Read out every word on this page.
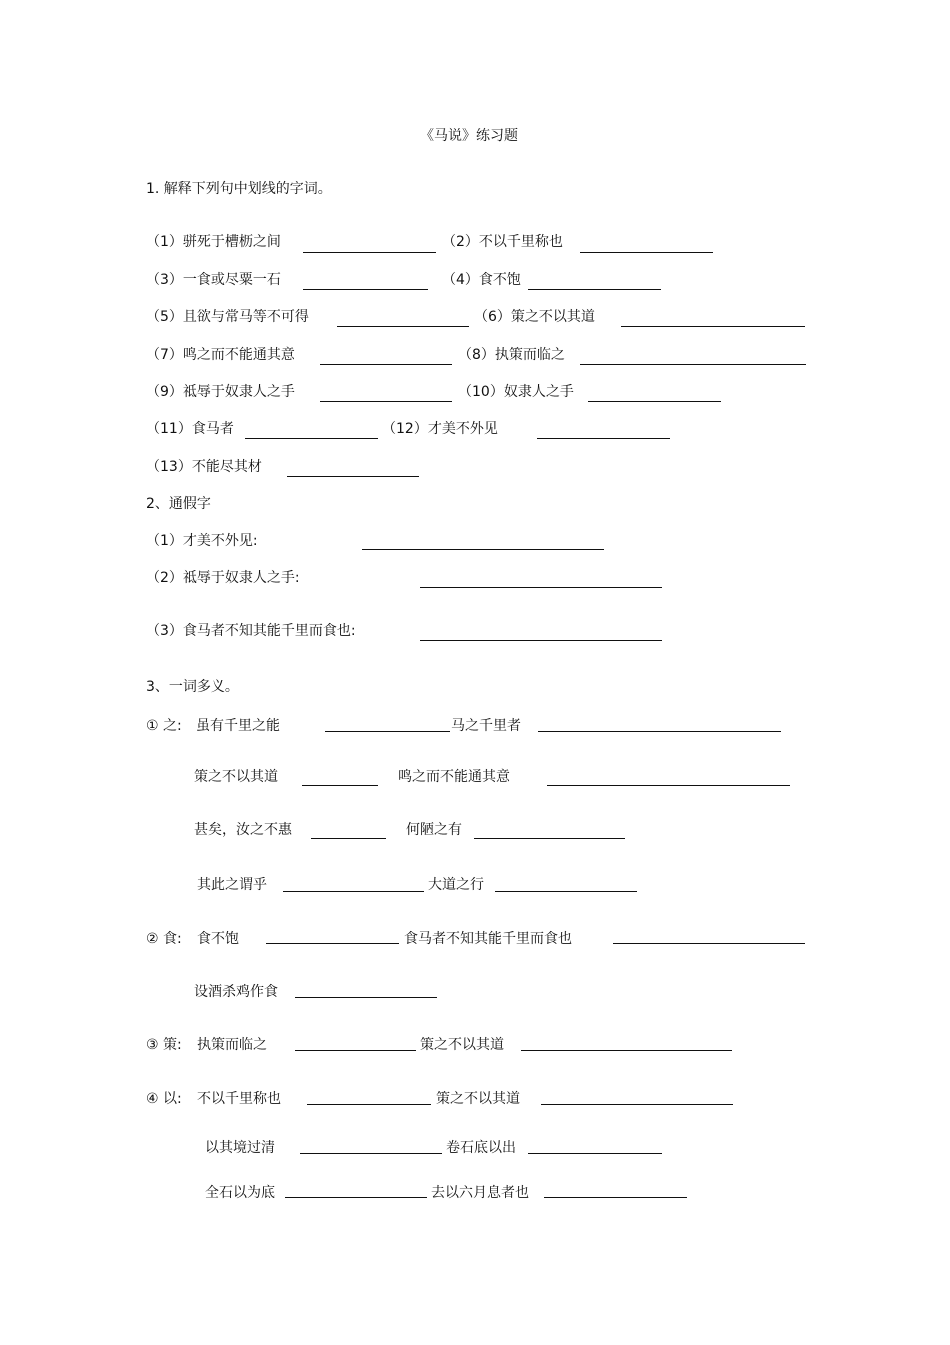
《马说》练习题
1. 解释下列句中划线的字词。
（1）骈死于槽枥之间	（2）不以千里称也
（3）一食或尽粟一石	（4）食不饱
（5）且欲与常马等不可得	（6）策之不以其道
（7）鸣之而不能通其意	（8）执策而临之
（9）祗辱于奴隶人之手	（10）奴隶人之手
（11）食马者	（12）才美不外见
（13）不能尽其材
2、通假字
（1）才美不外见:
（2）祗辱于奴隶人之手:
（3）食马者不知其能千里而食也:
3、一词多义。
① 之: 虽有千里之能	马之千里者
策之不以其道	鸣之而不能通其意
甚矣，汝之不惠	何陋之有
其此之谓乎	大道之行
② 食: 食不饱	食马者不知其能千里而食也
设酒杀鸡作食
③ 策: 执策而临之	策之不以其道
④ 以: 不以千里称也	策之不以其道
以其境过清	卷石底以出
全石以为底	去以六月息者也
